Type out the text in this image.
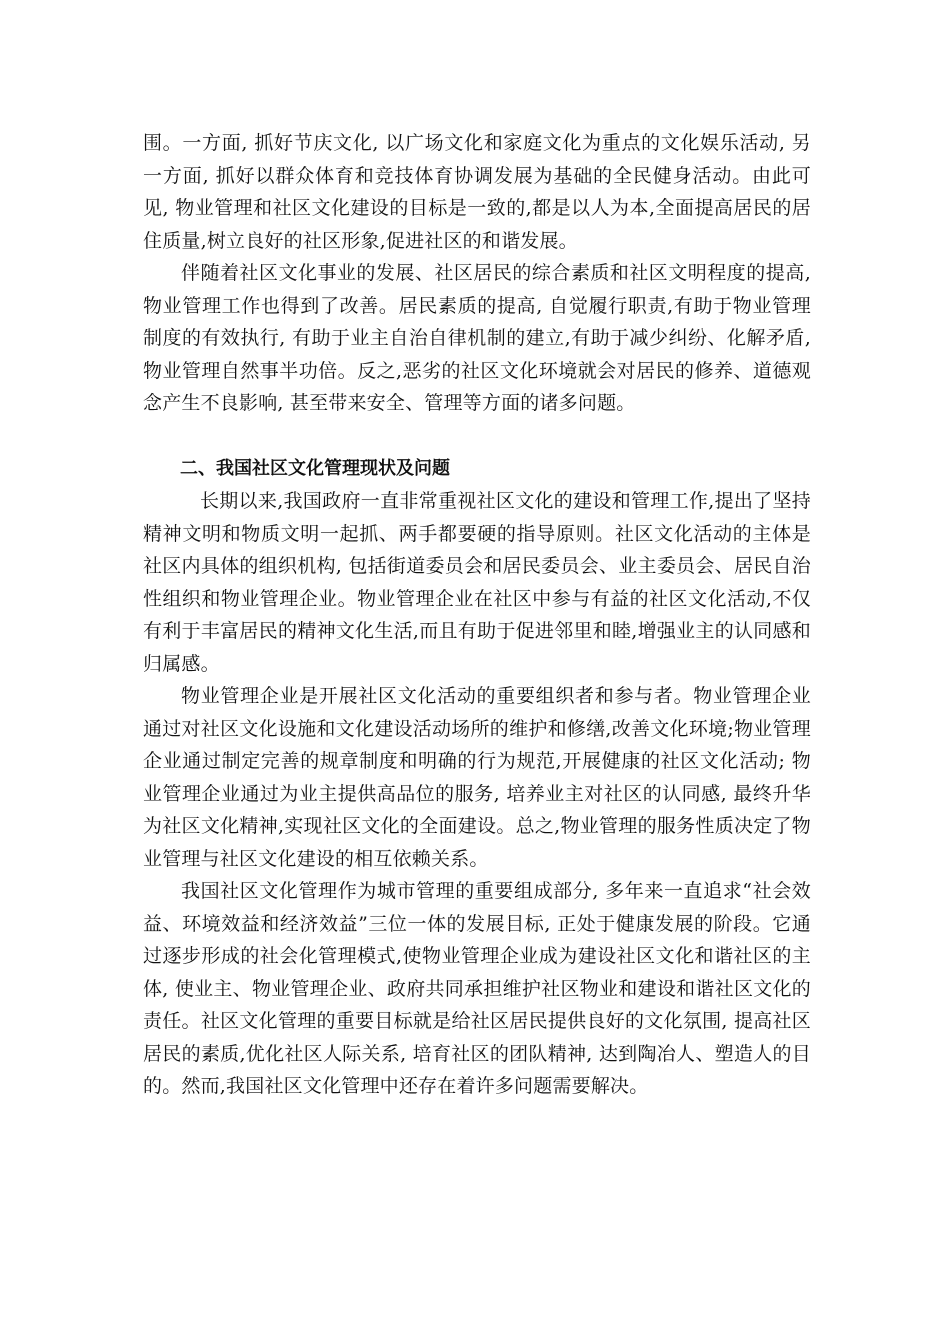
围。一方面, 抓好节庆文化, 以广场文化和家庭文化为重点的文化娱乐活动, 另一方面, 抓好以群众体育和竞技体育协调发展为基础的全民健身活动。由此可见, 物业管理和社区文化建设的目标是一致的,都是以人为本,全面提高居民的居住质量,树立良好的社区形象,促进社区的和谐发展。

伴随着社区文化事业的发展、社区居民的综合素质和社区文明程度的提高, 物业管理工作也得到了改善。居民素质的提高, 自觉履行职责,有助于物业管理制度的有效执行, 有助于业主自治自律机制的建立,有助于减少纠纷、化解矛盾,物业管理自然事半功倍。反之,恶劣的社区文化环境就会对居民的修养、道德观念产生不良影响, 甚至带来安全、管理等方面的诸多问题。

二、我国社区文化管理现状及问题

长期以来,我国政府一直非常重视社区文化的建设和管理工作,提出了坚持精神文明和物质文明一起抓、两手都要硬的指导原则。社区文化活动的主体是社区内具体的组织机构, 包括街道委员会和居民委员会、业主委员会、居民自治性组织和物业管理企业。物业管理企业在社区中参与有益的社区文化活动,不仅有利于丰富居民的精神文化生活,而且有助于促进邻里和睦,增强业主的认同感和归属感。

物业管理企业是开展社区文化活动的重要组织者和参与者。物业管理企业通过对社区文化设施和文化建设活动场所的维护和修缮,改善文化环境;物业管理企业通过制定完善的规章制度和明确的行为规范,开展健康的社区文化活动; 物业管理企业通过为业主提供高品位的服务, 培养业主对社区的认同感, 最终升华为社区文化精神,实现社区文化的全面建设。总之,物业管理的服务性质决定了物业管理与社区文化建设的相互依赖关系。

我国社区文化管理作为城市管理的重要组成部分, 多年来一直追求“社会效益、环境效益和经济效益”三位一体的发展目标, 正处于健康发展的阶段。它通过逐步形成的社会化管理模式,使物业管理企业成为建设社区文化和谐社区的主体, 使业主、物业管理企业、政府共同承担维护社区物业和建设和谐社区文化的责任。社区文化管理的重要目标就是给社区居民提供良好的文化氛围, 提高社区居民的素质,优化社区人际关系, 培育社区的团队精神, 达到陶冶人、塑造人的目的。然而,我国社区文化管理中还存在着许多问题需要解决。
